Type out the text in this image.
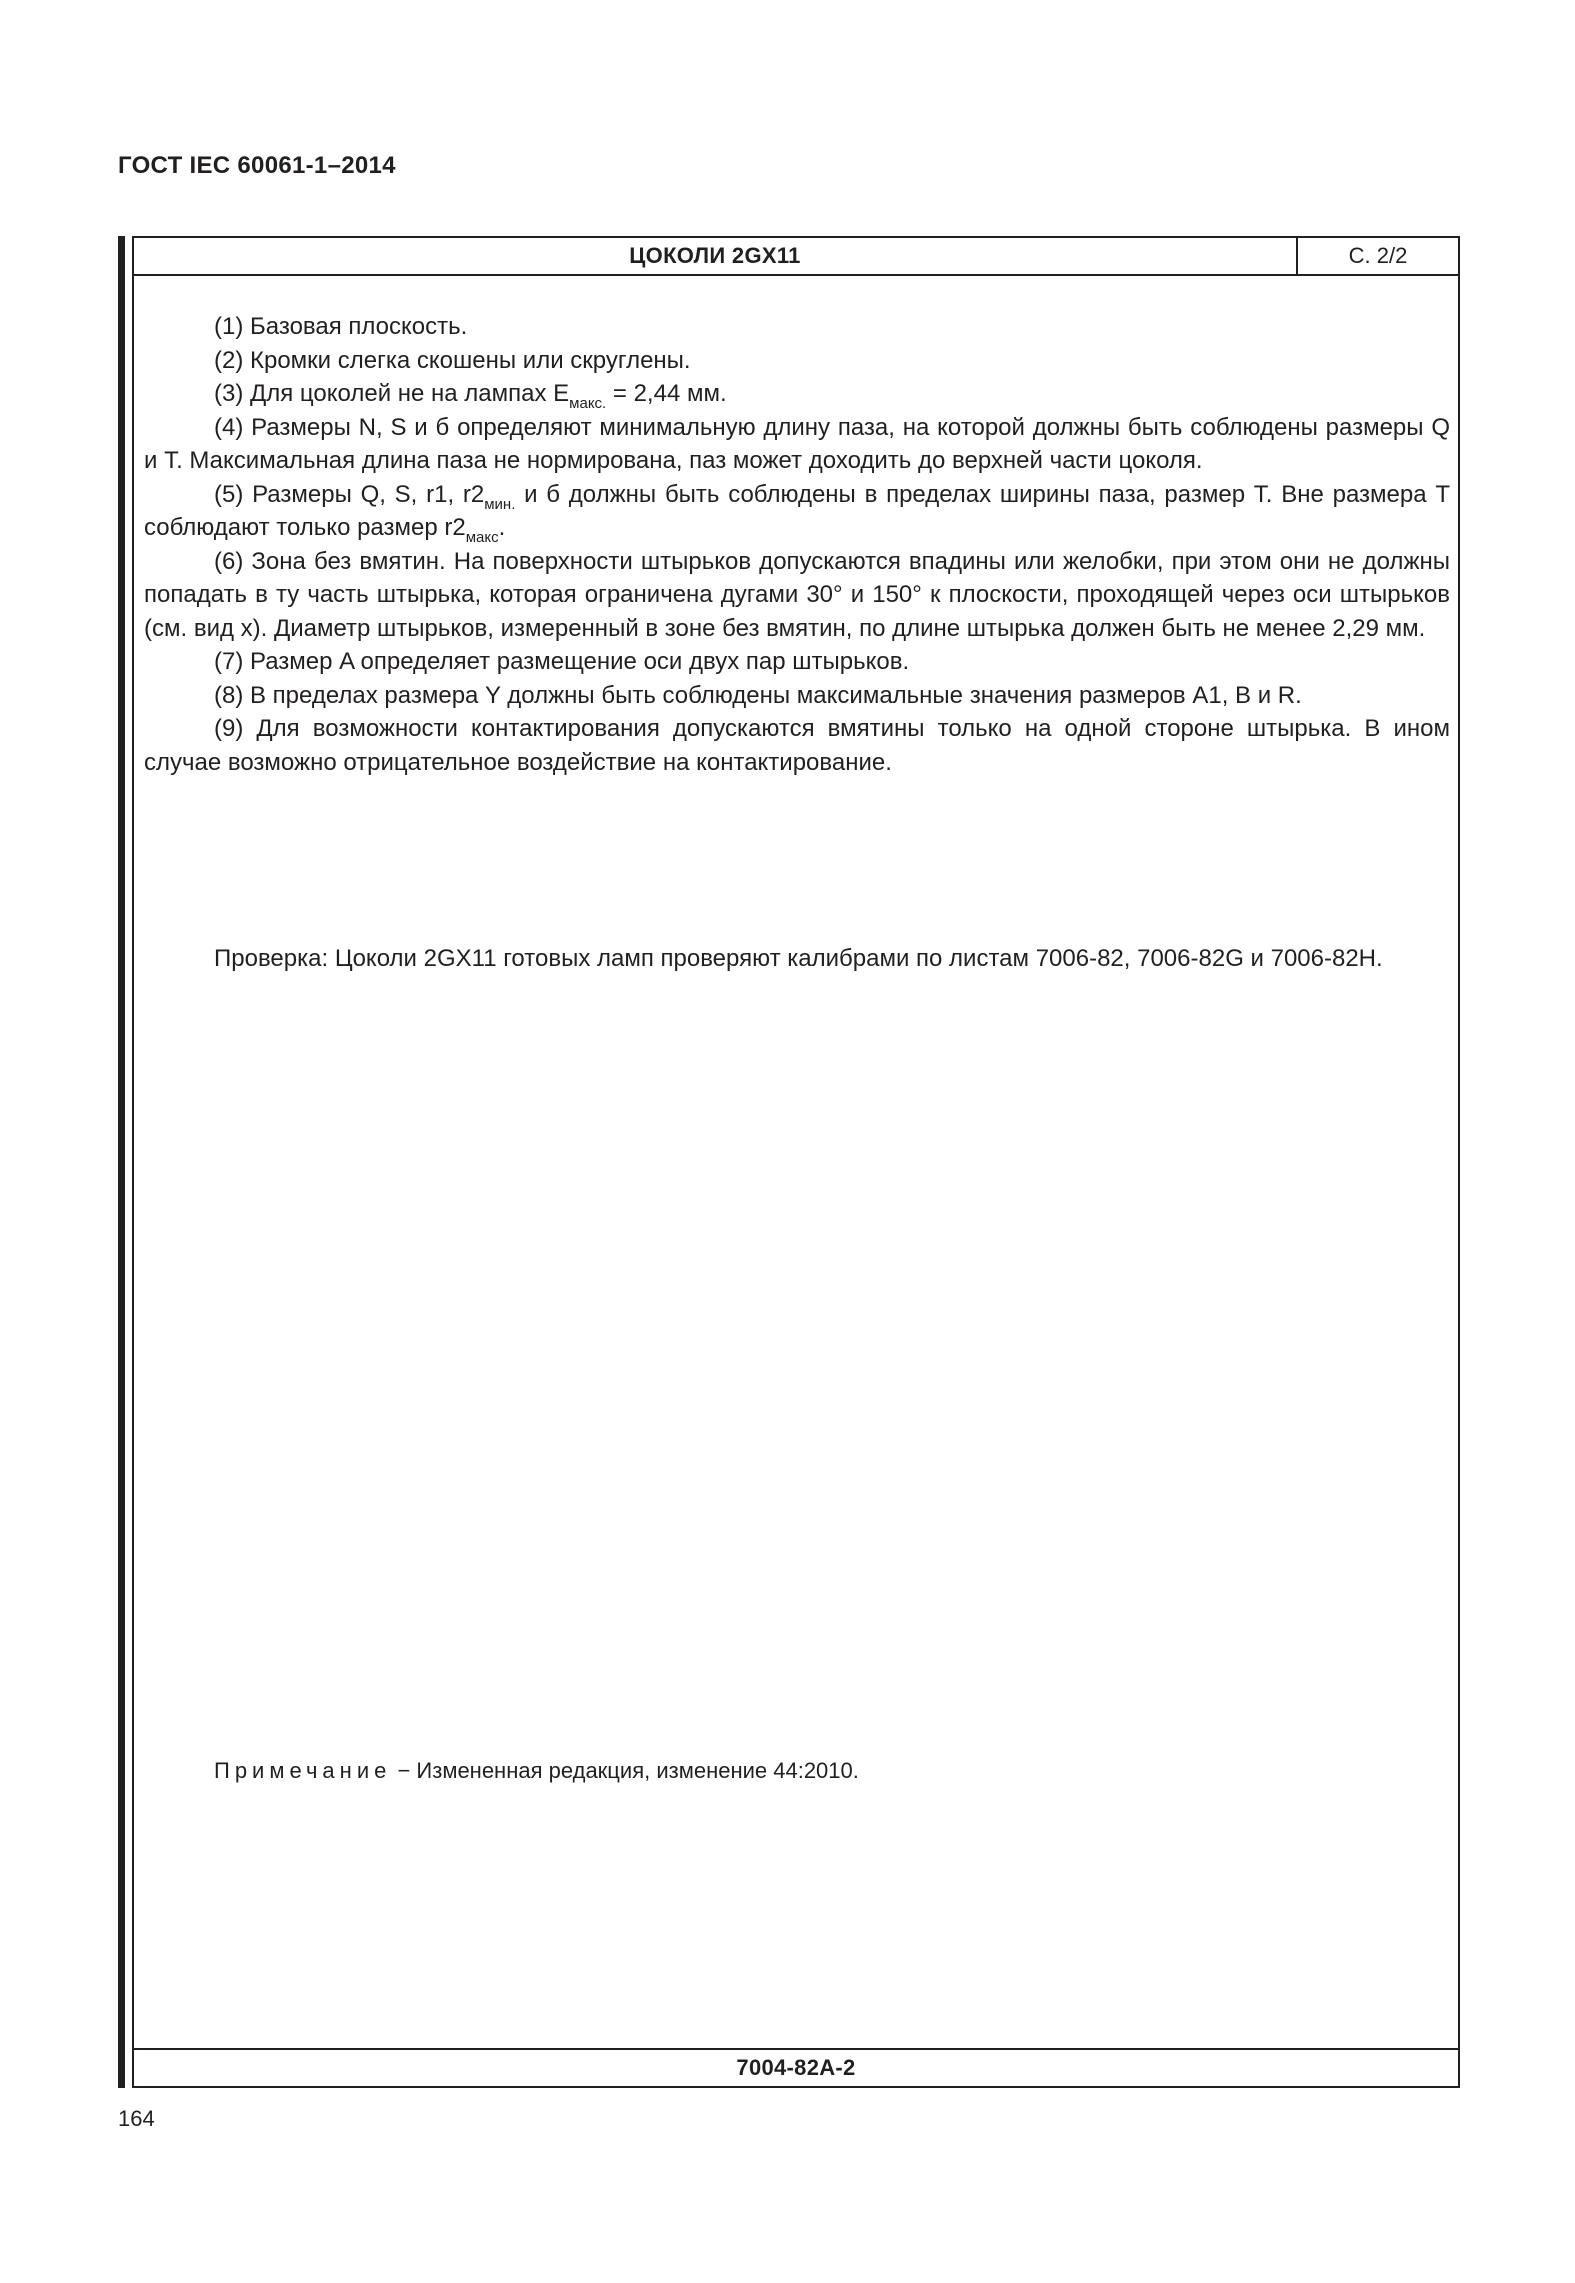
ГОСТ IEC 60061-1–2014

ЦОКОЛИ 2GX11	С. 2/2

(1) Базовая плоскость.

(2) Кромки слегка скошены или скруглены.

(3) Для цоколей не на лампах $E_{макс.} = 2,44$ мм.

(4) Размеры N, S и б определяют минимальную длину паза, на которой должны быть соблюдены размеры Q и T. Максимальная длина паза не нормирована, паз может доходить до верхней части цоколя.

(5) Размеры Q, S, r1, $r2_{мин.}$ и б должны быть соблюдены в пределах ширины паза, размер T. Вне размера T соблюдают только размер $r2_{макс}$.

(6) Зона без вмятин. На поверхности штырьков допускаются впадины или желобки, при этом они не должны попадать в ту часть штырька, которая ограничена дугами 30° и 150° к плоскости, проходящей через оси штырьков (см. вид x). Диаметр штырьков, измеренный в зоне без вмятин, по длине штырька должен быть не менее 2,29 мм.

(7) Размер A определяет размещение оси двух пар штырьков.

(8) В пределах размера Y должны быть соблюдены максимальные значения размеров A1, B и R.

(9) Для возможности контактирования допускаются вмятины только на одной стороне штырька. В ином случае возможно отрицательное воздействие на контактирование.

Проверка: Цоколи 2GX11 готовых ламп проверяют калибрами по листам 7006-82, 7006-82G и 7006-82H.

Примечание − Измененная редакция, изменение 44:2010.

7004-82A-2

164
